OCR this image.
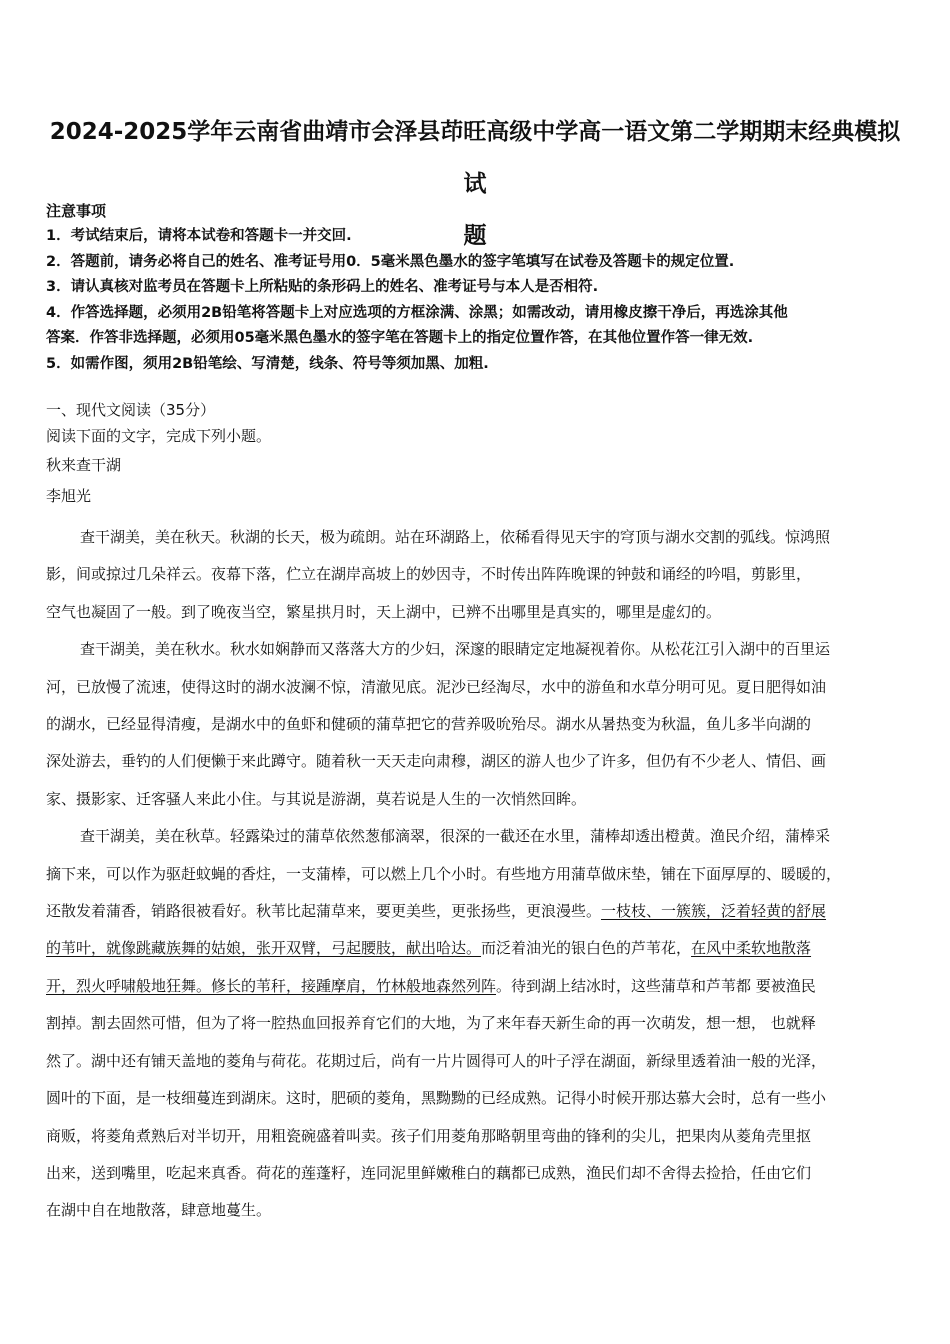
2024-2025学年云南省曲靖市会泽县茚旺高级中学高一语文第二学期期末经典模拟试
题
注意事项
1．考试结束后，请将本试卷和答题卡一并交回.
2．答题前，请务必将自己的姓名、准考证号用0．5毫米黑色墨水的签字笔填写在试卷及答题卡的规定位置.
3．请认真核对监考员在答题卡上所粘贴的条形码上的姓名、准考证号与本人是否相符.
4．作答选择题，必须用2B铅笔将答题卡上对应选项的方框涂满、涂黑；如需改动，请用橡皮擦干净后，再选涂其他
答案．作答非选择题，必须用05毫米黑色墨水的签字笔在答题卡上的指定位置作答，在其他位置作答一律无效.
5．如需作图，须用2B铅笔绘、写清楚，线条、符号等须加黑、加粗.
一、现代文阅读（35分）
阅读下面的文字，完成下列小题。
秋来查干湖
李旭光
查干湖美，美在秋天。秋湖的长天，极为疏朗。站在环湖路上，依稀看得见天宇的穹顶与湖水交割的弧线。惊鸿照
影，间或掠过几朵祥云。夜幕下落，伫立在湖岸高坡上的妙因寺，不时传出阵阵晚课的钟鼓和诵经的吟唱，剪影里，
空气也凝固了一般。到了晚夜当空，繁星拱月时，天上湖中，已辨不出哪里是真实的，哪里是虚幻的。
查干湖美，美在秋水。秋水如娴静而又落落大方的少妇，深邃的眼睛定定地凝视着你。从松花江引入湖中的百里运
河，已放慢了流速，使得这时的湖水波澜不惊，清澈见底。泥沙已经淘尽，水中的游鱼和水草分明可见。夏日肥得如油
的湖水，已经显得清瘦，是湖水中的鱼虾和健硕的蒲草把它的营养吸吮殆尽。湖水从暑热变为秋温，鱼儿多半向湖的
深处游去，垂钓的人们便懒于来此蹲守。随着秋一天天走向肃穆，湖区的游人也少了许多，但仍有不少老人、情侣、画
家、摄影家、迁客骚人来此小住。与其说是游湖，莫若说是人生的一次悄然回眸。
查干湖美，美在秋草。轻露染过的蒲草依然葱郁滴翠，很深的一截还在水里，蒲棒却透出橙黄。渔民介绍，蒲棒采
摘下来，可以作为驱赶蚊蝇的香炷，一支蒲棒，可以燃上几个小时。有些地方用蒲草做床垫，铺在下面厚厚的、暖暖的，
还散发着蒲香，销路很被看好。秋苇比起蒲草来，要更美些，更张扬些，更浪漫些。一枝枝、一簇簇，泛着轻黄的舒展
的苇叶，就像跳藏族舞的姑娘，张开双臂，弓起腰肢，献出哈达。而泛着油光的银白色的芦苇花，在风中柔软地散落
开，烈火呼啸般地狂舞。修长的苇秆，接踵摩肩，竹林般地森然列阵。待到湖上结冰时，这些蒲草和芦苇都 要被渔民
割掉。割去固然可惜，但为了将一腔热血回报养育它们的大地，为了来年春天新生命的再一次萌发，想一想， 也就释
然了。湖中还有铺天盖地的菱角与荷花。花期过后，尚有一片片圆得可人的叶子浮在湖面，新绿里透着油一般的光泽，
圆叶的下面，是一枝细蔓连到湖床。这时，肥硕的菱角，黑黝黝的已经成熟。记得小时候开那达慕大会时，总有一些小
商贩，将菱角煮熟后对半切开，用粗瓷碗盛着叫卖。孩子们用菱角那略朝里弯曲的锋利的尖儿，把果肉从菱角壳里抠
出来，送到嘴里，吃起来真香。荷花的莲蓬籽，连同泥里鲜嫩稚白的藕都已成熟，渔民们却不舍得去捡拾，任由它们
在湖中自在地散落，肆意地蔓生。
